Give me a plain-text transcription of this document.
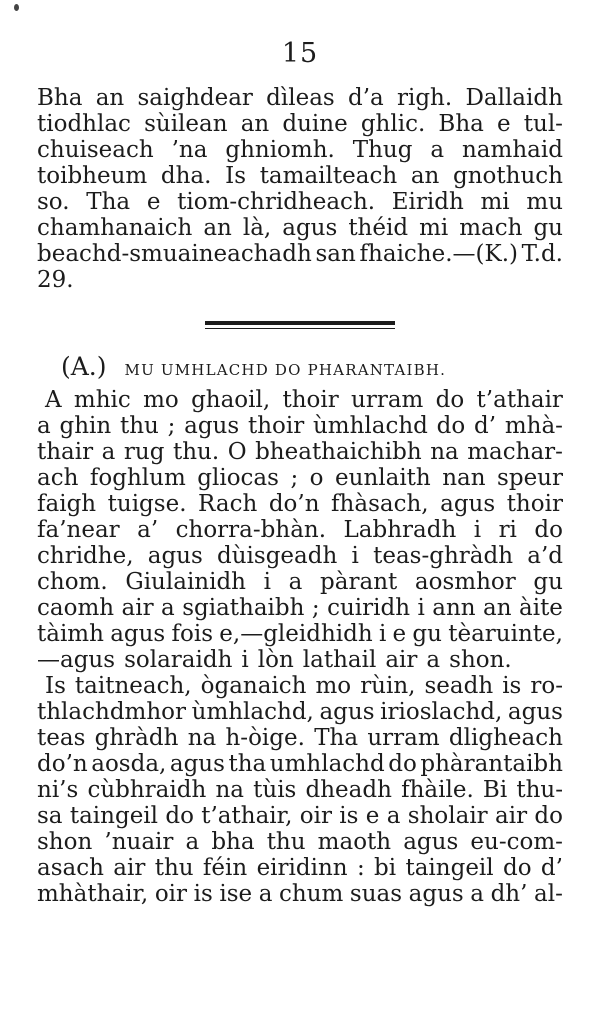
15
Bha an saighdear dìleas d’a righ. Dallaidh
tiodhlac sùilean an duine ghlic. Bha e tul-
chuiseach ’na ghniomh. Thug a namhaid
toibheum dha. Is tamailteach an gnothuch
so. Tha e tiom-chridheach. Eiridh mi mu
chamhanaich an là, agus théid mi mach gu
beachd-smuaineachadh san fhaiche.—(K.) T.d.
29.
(A.) MU UMHLACHD DO PHARANTAIBH.
A mhic mo ghaoil, thoir urram do t’athair
a ghin thu ; agus thoir ùmhlachd do d’ mhà-
thair a rug thu. O bheathaichibh na machar-
ach foghlum gliocas ; o eunlaith nan speur
faigh tuigse. Rach do’n fhàsach, agus thoir
fa’near a’ chorra-bhàn. Labhradh i ri do
chridhe, agus dùisgeadh i teas-ghràdh a’d
chom. Giulainidh i a pàrant aosmhor gu
caomh air a sgiathaibh ; cuiridh i ann an àite
tàimh agus fois e,—gleidhidh i e gu tèaruinte,
—agus solaraidh i lòn lathail air a shon.
Is taitneach, òganaich mo rùin, seadh is ro-
thlachdmhor ùmhlachd, agus irioslachd, agus
teas ghràdh na h-òige. Tha urram dligheach
do’n aosda, agus tha umhlachd do phàrantaibh
ni’s cùbhraidh na tùis dheadh fhàile. Bi thu-
sa taingeil do t’athair, oir is e a sholair air do
shon ’nuair a bha thu maoth agus eu-com-
asach air thu féin eiridinn : bi taingeil do d’
mhàthair, oir is ise a chum suas agus a dh’ al-
